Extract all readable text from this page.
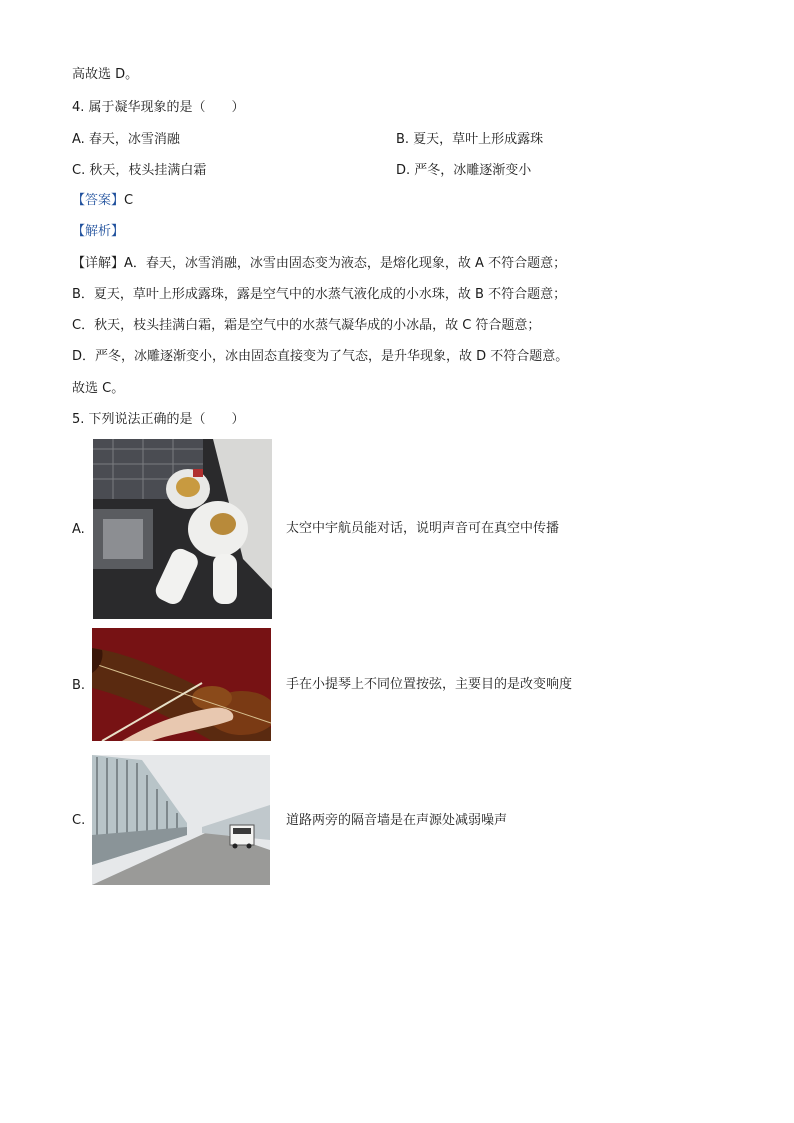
高故选 D。
4. 属于凝华现象的是（　　）
A. 春天，冰雪消融	B. 夏天，草叶上形成露珠
C. 秋天，枝头挂满白霜	D. 严冬，冰雕逐渐变小
【答案】C
【解析】
【详解】A．春天，冰雪消融，冰雪由固态变为液态，是熔化现象，故 A 不符合题意；
B．夏天，草叶上形成露珠，露是空气中的水蒸气液化成的小水珠，故 B 不符合题意；
C．秋天，枝头挂满白霜，霜是空气中的水蒸气凝华成的小冰晶，故 C 符合题意；
D．严冬，冰雕逐渐变小，冰由固态直接变为了气态，是升华现象，故 D 不符合题意。
故选 C。
5. 下列说法正确的是（　　）
A.	太空中宇航员能对话，说明声音可在真空中传播
B.	手在小提琴上不同位置按弦，主要目的是改变响度
C.	道路两旁的隔音墙是在声源处减弱噪声
